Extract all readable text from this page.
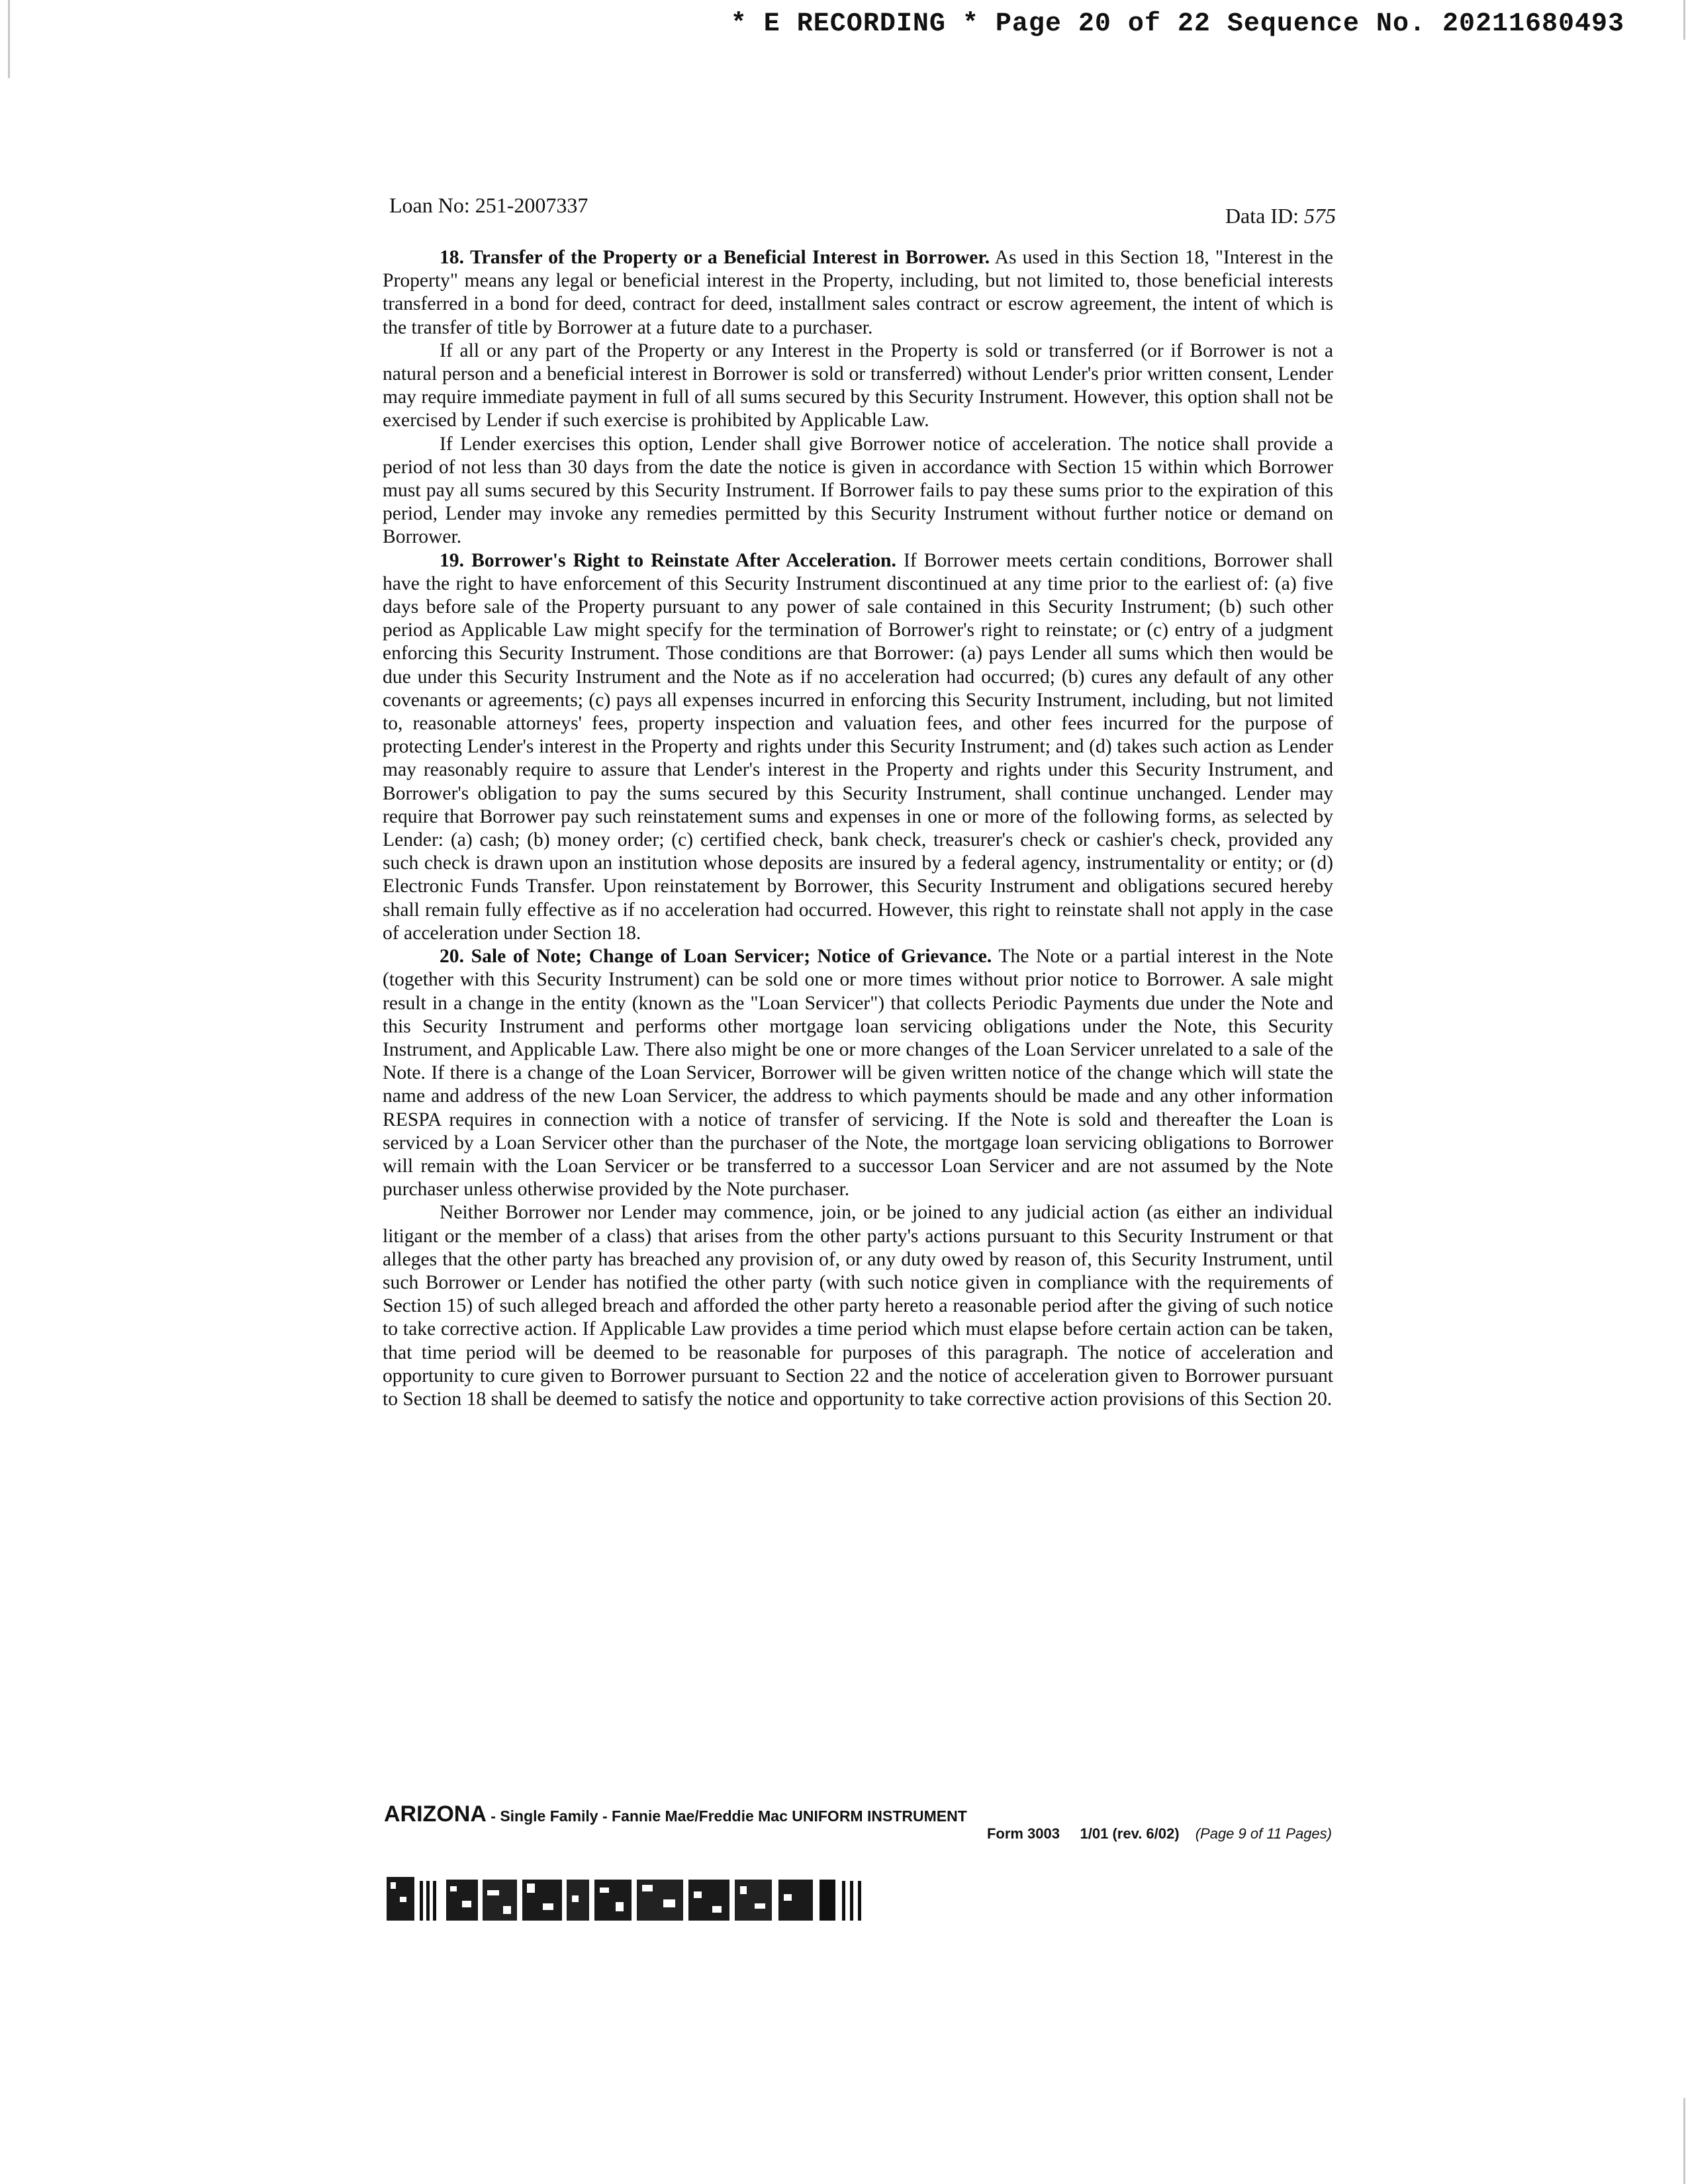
* E RECORDING * Page 20 of 22 Sequence No. 20211680493
Loan No: 251-2007337	Data ID: 575

18. Transfer of the Property or a Beneficial Interest in Borrower. As used in this Section 18, "Interest in the Property" means any legal or beneficial interest in the Property, including, but not limited to, those beneficial interests transferred in a bond for deed, contract for deed, installment sales contract or escrow agreement, the intent of which is the transfer of title by Borrower at a future date to a purchaser.

If all or any part of the Property or any Interest in the Property is sold or transferred (or if Borrower is not a natural person and a beneficial interest in Borrower is sold or transferred) without Lender's prior written consent, Lender may require immediate payment in full of all sums secured by this Security Instrument. However, this option shall not be exercised by Lender if such exercise is prohibited by Applicable Law.

If Lender exercises this option, Lender shall give Borrower notice of acceleration. The notice shall provide a period of not less than 30 days from the date the notice is given in accordance with Section 15 within which Borrower must pay all sums secured by this Security Instrument. If Borrower fails to pay these sums prior to the expiration of this period, Lender may invoke any remedies permitted by this Security Instrument without further notice or demand on Borrower.

19. Borrower's Right to Reinstate After Acceleration. If Borrower meets certain conditions, Borrower shall have the right to have enforcement of this Security Instrument discontinued at any time prior to the earliest of: (a) five days before sale of the Property pursuant to any power of sale contained in this Security Instrument; (b) such other period as Applicable Law might specify for the termination of Borrower's right to reinstate; or (c) entry of a judgment enforcing this Security Instrument. Those conditions are that Borrower: (a) pays Lender all sums which then would be due under this Security Instrument and the Note as if no acceleration had occurred; (b) cures any default of any other covenants or agreements; (c) pays all expenses incurred in enforcing this Security Instrument, including, but not limited to, reasonable attorneys' fees, property inspection and valuation fees, and other fees incurred for the purpose of protecting Lender's interest in the Property and rights under this Security Instrument; and (d) takes such action as Lender may reasonably require to assure that Lender's interest in the Property and rights under this Security Instrument, and Borrower's obligation to pay the sums secured by this Security Instrument, shall continue unchanged. Lender may require that Borrower pay such reinstatement sums and expenses in one or more of the following forms, as selected by Lender: (a) cash; (b) money order; (c) certified check, bank check, treasurer's check or cashier's check, provided any such check is drawn upon an institution whose deposits are insured by a federal agency, instrumentality or entity; or (d) Electronic Funds Transfer. Upon reinstatement by Borrower, this Security Instrument and obligations secured hereby shall remain fully effective as if no acceleration had occurred. However, this right to reinstate shall not apply in the case of acceleration under Section 18.

20. Sale of Note; Change of Loan Servicer; Notice of Grievance. The Note or a partial interest in the Note (together with this Security Instrument) can be sold one or more times without prior notice to Borrower. A sale might result in a change in the entity (known as the "Loan Servicer") that collects Periodic Payments due under the Note and this Security Instrument and performs other mortgage loan servicing obligations under the Note, this Security Instrument, and Applicable Law. There also might be one or more changes of the Loan Servicer unrelated to a sale of the Note. If there is a change of the Loan Servicer, Borrower will be given written notice of the change which will state the name and address of the new Loan Servicer, the address to which payments should be made and any other information RESPA requires in connection with a notice of transfer of servicing. If the Note is sold and thereafter the Loan is serviced by a Loan Servicer other than the purchaser of the Note, the mortgage loan servicing obligations to Borrower will remain with the Loan Servicer or be transferred to a successor Loan Servicer and are not assumed by the Note purchaser unless otherwise provided by the Note purchaser.

Neither Borrower nor Lender may commence, join, or be joined to any judicial action (as either an individual litigant or the member of a class) that arises from the other party's actions pursuant to this Security Instrument or that alleges that the other party has breached any provision of, or any duty owed by reason of, this Security Instrument, until such Borrower or Lender has notified the other party (with such notice given in compliance with the requirements of Section 15) of such alleged breach and afforded the other party hereto a reasonable period after the giving of such notice to take corrective action. If Applicable Law provides a time period which must elapse before certain action can be taken, that time period will be deemed to be reasonable for purposes of this paragraph. The notice of acceleration and opportunity to cure given to Borrower pursuant to Section 22 and the notice of acceleration given to Borrower pursuant to Section 18 shall be deemed to satisfy the notice and opportunity to take corrective action provisions of this Section 20.

ARIZONA - Single Family - Fannie Mae/Freddie Mac UNIFORM INSTRUMENT
Form 3003     1/01 (rev. 6/02) (Page 9 of 11 Pages)
